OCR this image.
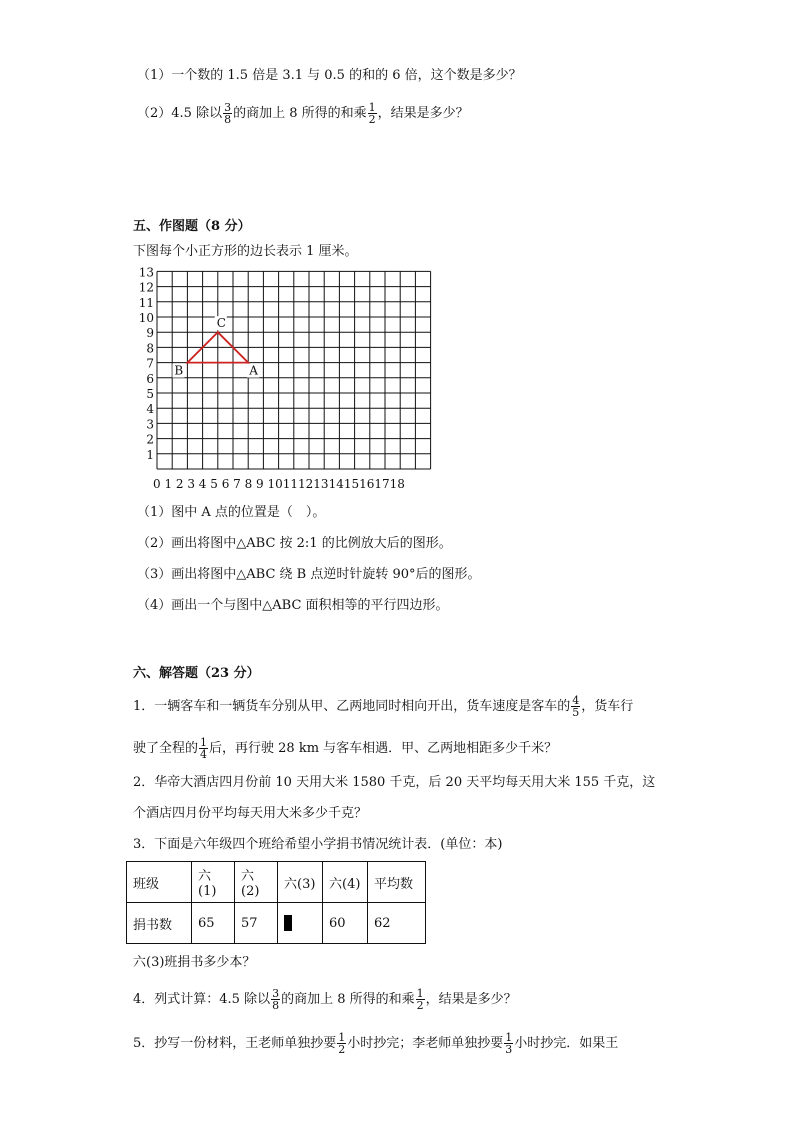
（1）一个数的 1.5 倍是 3.1 与 0.5 的和的 6 倍，这个数是多少？
（2）4.5 除以 $\frac{3}{8}$ 的商加上 8 所得的和乘 $\frac{1}{2}$ ，结果是多少？
五、作图题（8 分）
下图每个小正方形的边长表示 1 厘米。
1
2
3
4
5
6
7
8
9
10
11
12
13
0 1 2 3 4 5 6 7 8 9 101112131415161718
A
B
C
（1）图中 A 点的位置是（　）。
（2）画出将图中△ABC 按 2:1 的比例放大后的图形。
（3）画出将图中△ABC 绕 B 点逆时针旋转 90°后的图形。
（4）画出一个与图中△ABC 面积相等的平行四边形。
六、解答题（23 分）
1．一辆客车和一辆货车分别从甲、乙两地同时相向开出，货车速度是客车的 $\frac{4}{5}$ ，货车行
驶了全程的 $\frac{1}{4}$ 后，再行驶 28 km 与客车相遇．甲、乙两地相距多少千米？
2．华帝大酒店四月份前 10 天用大米 1580 千克，后 20 天平均每天用大米 155 千克，这
个酒店四月份平均每天用大米多少千克？
3．下面是六年级四个班给希望小学捐书情况统计表．(单位：本)
班级	六(1)	六(2)	六(3)	六(4)	平均数
捐书数	65	57		60	62
六(3)班捐书多少本？
4．列式计算：4.5 除以 $\frac{3}{8}$ 的商加上 8 所得的和乘 $\frac{1}{2}$ ，结果是多少？
5．抄写一份材料，王老师单独抄要 $\frac{1}{2}$ 小时抄完；李老师单独抄要 $\frac{1}{3}$ 小时抄完．如果王
